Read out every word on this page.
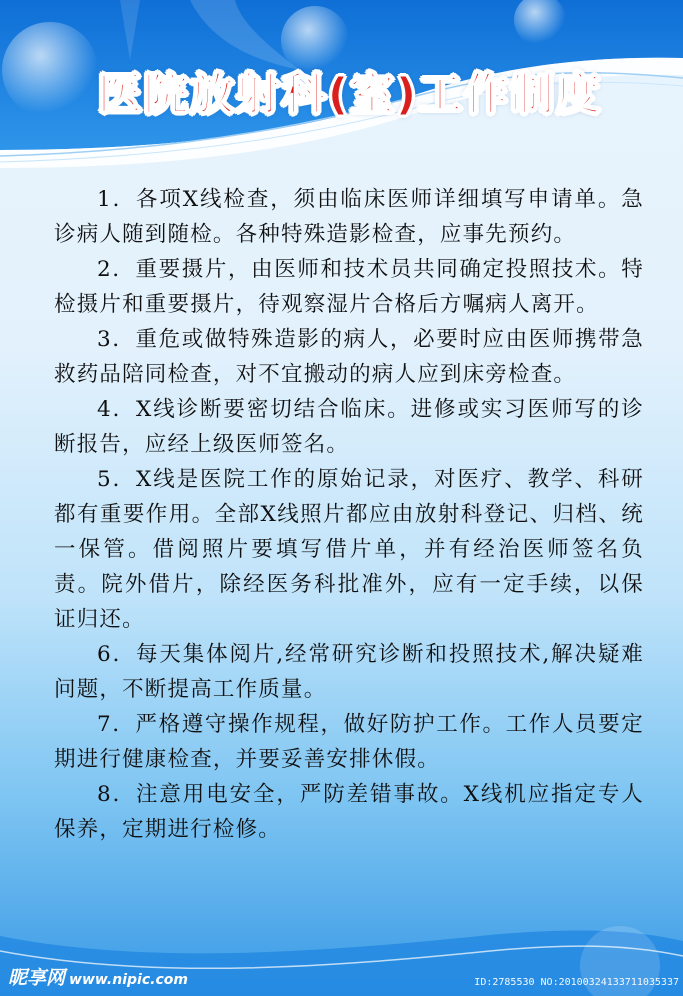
医院放射科(室)工作制度

1．各项X线检查，须由临床医师详细填写申请单。急诊病人随到随检。各种特殊造影检查，应事先预约。

2．重要摄片，由医师和技术员共同确定投照技术。特检摄片和重要摄片，待观察湿片合格后方嘱病人离开。

3．重危或做特殊造影的病人，必要时应由医师携带急救药品陪同检查，对不宜搬动的病人应到床旁检查。

4．X线诊断要密切结合临床。进修或实习医师写的诊断报告，应经上级医师签名。

5．X线是医院工作的原始记录，对医疗、教学、科研都有重要作用。全部X线照片都应由放射科登记、归档、统一保管。借阅照片要填写借片单，并有经治医师签名负责。院外借片，除经医务科批准外，应有一定手续，以保证归还。

6．每天集体阅片,经常研究诊断和投照技术,解决疑难问题，不断提高工作质量。

7．严格遵守操作规程，做好防护工作。工作人员要定期进行健康检查，并要妥善安排休假。

8．注意用电安全，严防差错事故。X线机应指定专人保养，定期进行检修。

昵享网 www.nipic.com	ID:2785530 NO:20100324133711035337
